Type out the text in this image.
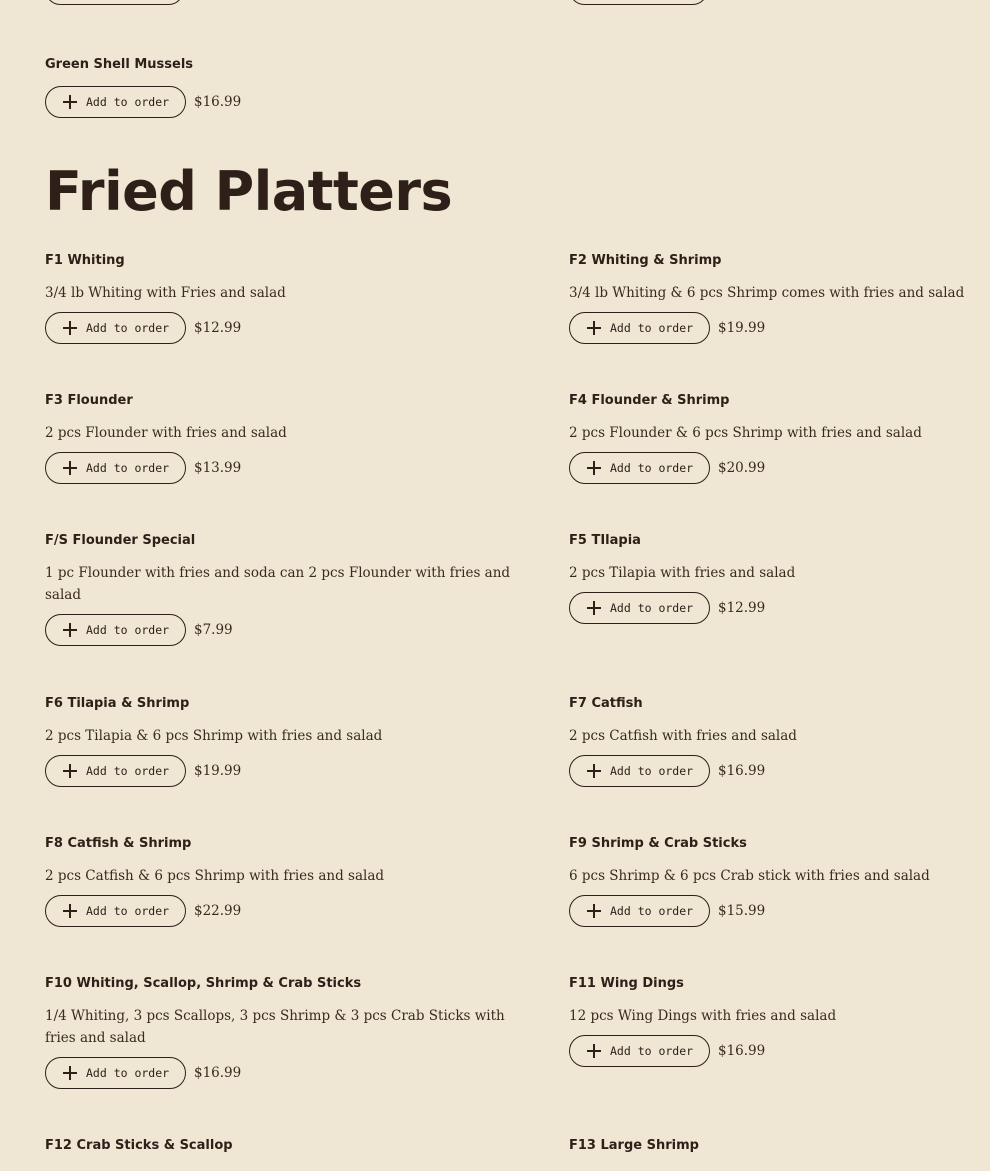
Green Shell Mussels

Add to order $16.99
Fried Platters

F1 Whiting

3/4 lb Whiting with Fries and salad

Add to order $12.99

F2 Whiting & Shrimp

3/4 lb Whiting & 6 pcs Shrimp comes with fries and salad

Add to order $19.99

F3 Flounder

2 pcs Flounder with fries and salad

Add to order $13.99

F4 Flounder & Shrimp

2 pcs Flounder & 6 pcs Shrimp with fries and salad

Add to order $20.99

F/S Flounder Special

1 pc Flounder with fries and soda can 2 pcs Flounder with fries and salad

Add to order $7.99

F5 TIlapia

2 pcs Tilapia with fries and salad

Add to order $12.99

F6 Tilapia & Shrimp

2 pcs Tilapia & 6 pcs Shrimp with fries and salad

Add to order $19.99

F7 Catfish

2 pcs Catfish with fries and salad

Add to order $16.99

F8 Catfish & Shrimp

2 pcs Catfish & 6 pcs Shrimp with fries and salad

Add to order $22.99

F9 Shrimp & Crab Sticks

6 pcs Shrimp & 6 pcs Crab stick with fries and salad

Add to order $15.99

F10 Whiting, Scallop, Shrimp & Crab Sticks

1/4 Whiting, 3 pcs Scallops, 3 pcs Shrimp & 3 pcs Crab Sticks with fries and salad

Add to order $16.99

F11 Wing Dings

12 pcs Wing Dings with fries and salad

Add to order $16.99

F12 Crab Sticks & Scallop	F13 Large Shrimp
